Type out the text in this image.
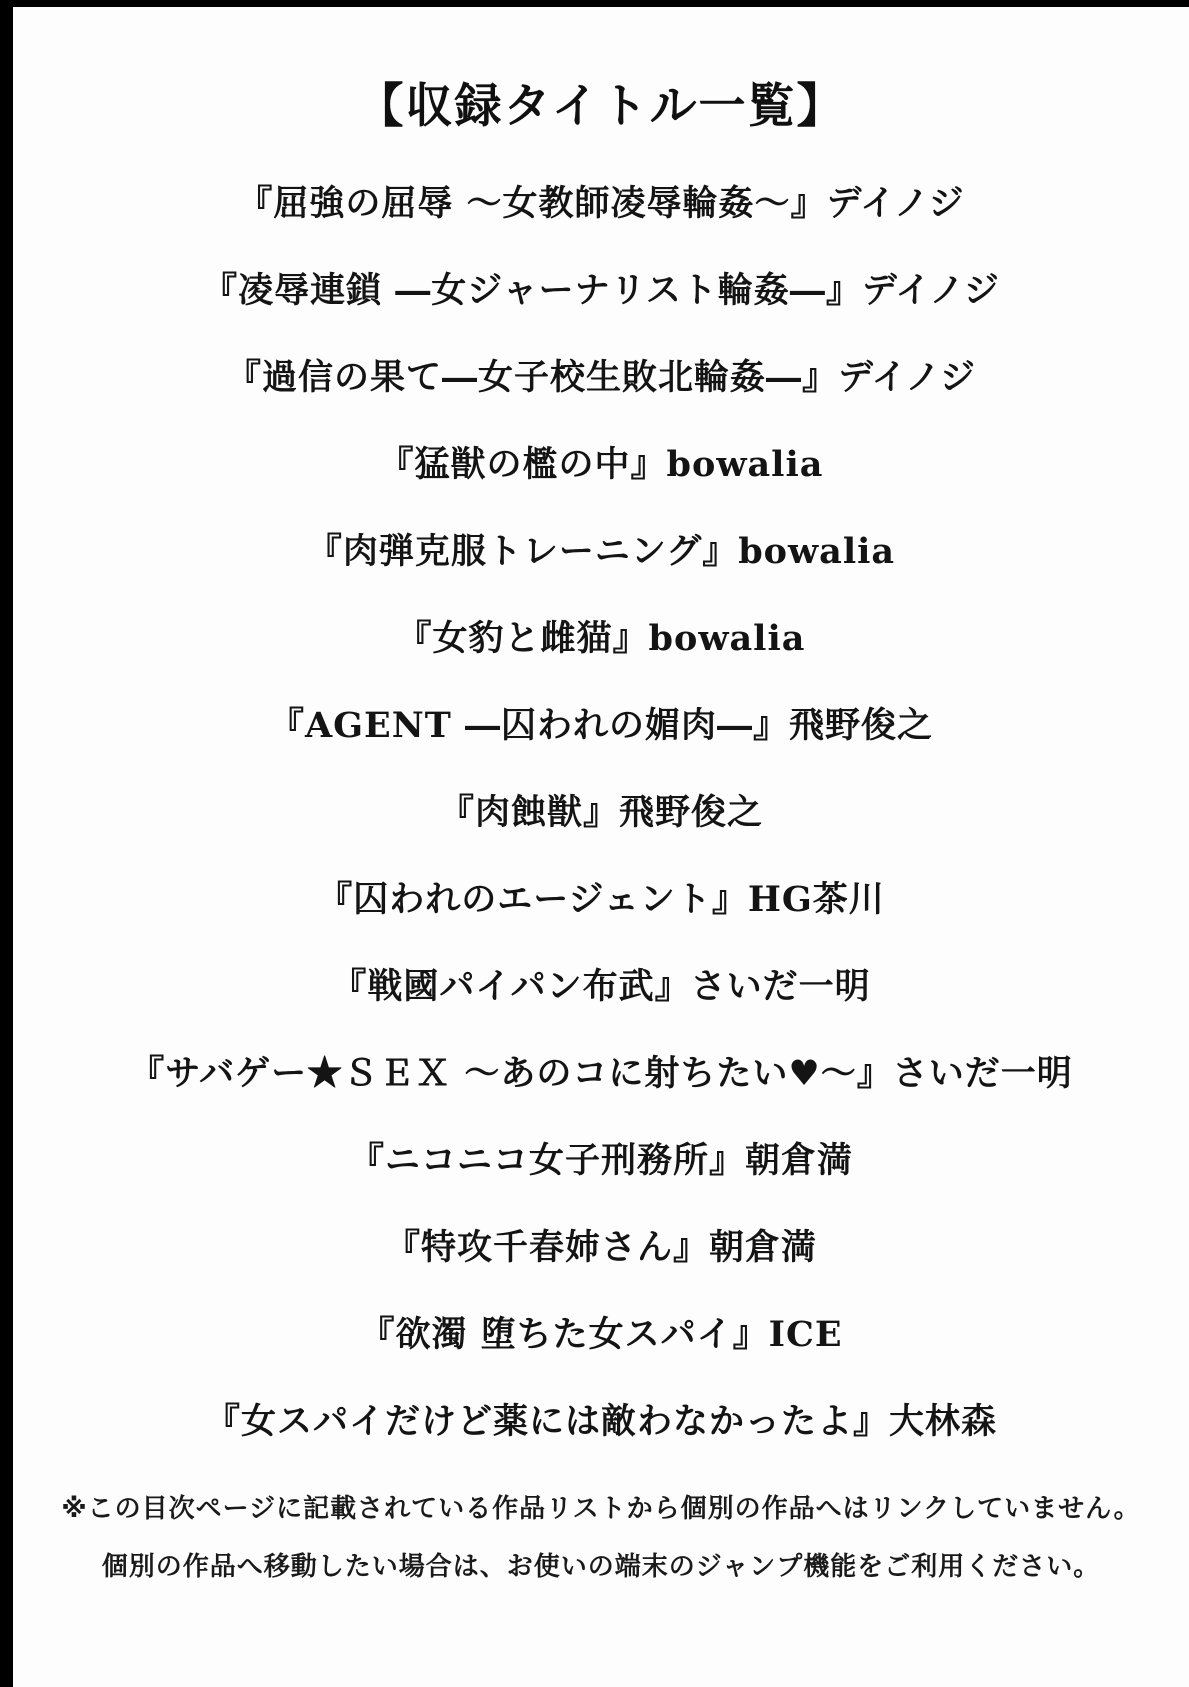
【収録タイトル一覧】
『屈強の屈辱 〜女教師凌辱輪姦〜』デイノジ
『凌辱連鎖 ―女ジャーナリスト輪姦―』デイノジ
『過信の果て―女子校生敗北輪姦―』デイノジ
『猛獣の檻の中』bowalia
『肉弾克服トレーニング』bowalia
『女豹と雌猫』bowalia
『AGENT ―囚われの媚肉―』飛野俊之
『肉蝕獣』飛野俊之
『囚われのエージェント』HG茶川
『戦國パイパン布武』さいだ一明
『サバゲー★ＳＥＸ 〜あのコに射ちたい♥〜』さいだ一明
『ニコニコ女子刑務所』朝倉満
『特攻千春姉さん』朝倉満
『欲濁 堕ちた女スパイ』ICE
『女スパイだけど薬には敵わなかったよ』大林森
※この目次ページに記載されている作品リストから個別の作品へはリンクしていません。
個別の作品へ移動したい場合は、お使いの端末のジャンプ機能をご利用ください。
